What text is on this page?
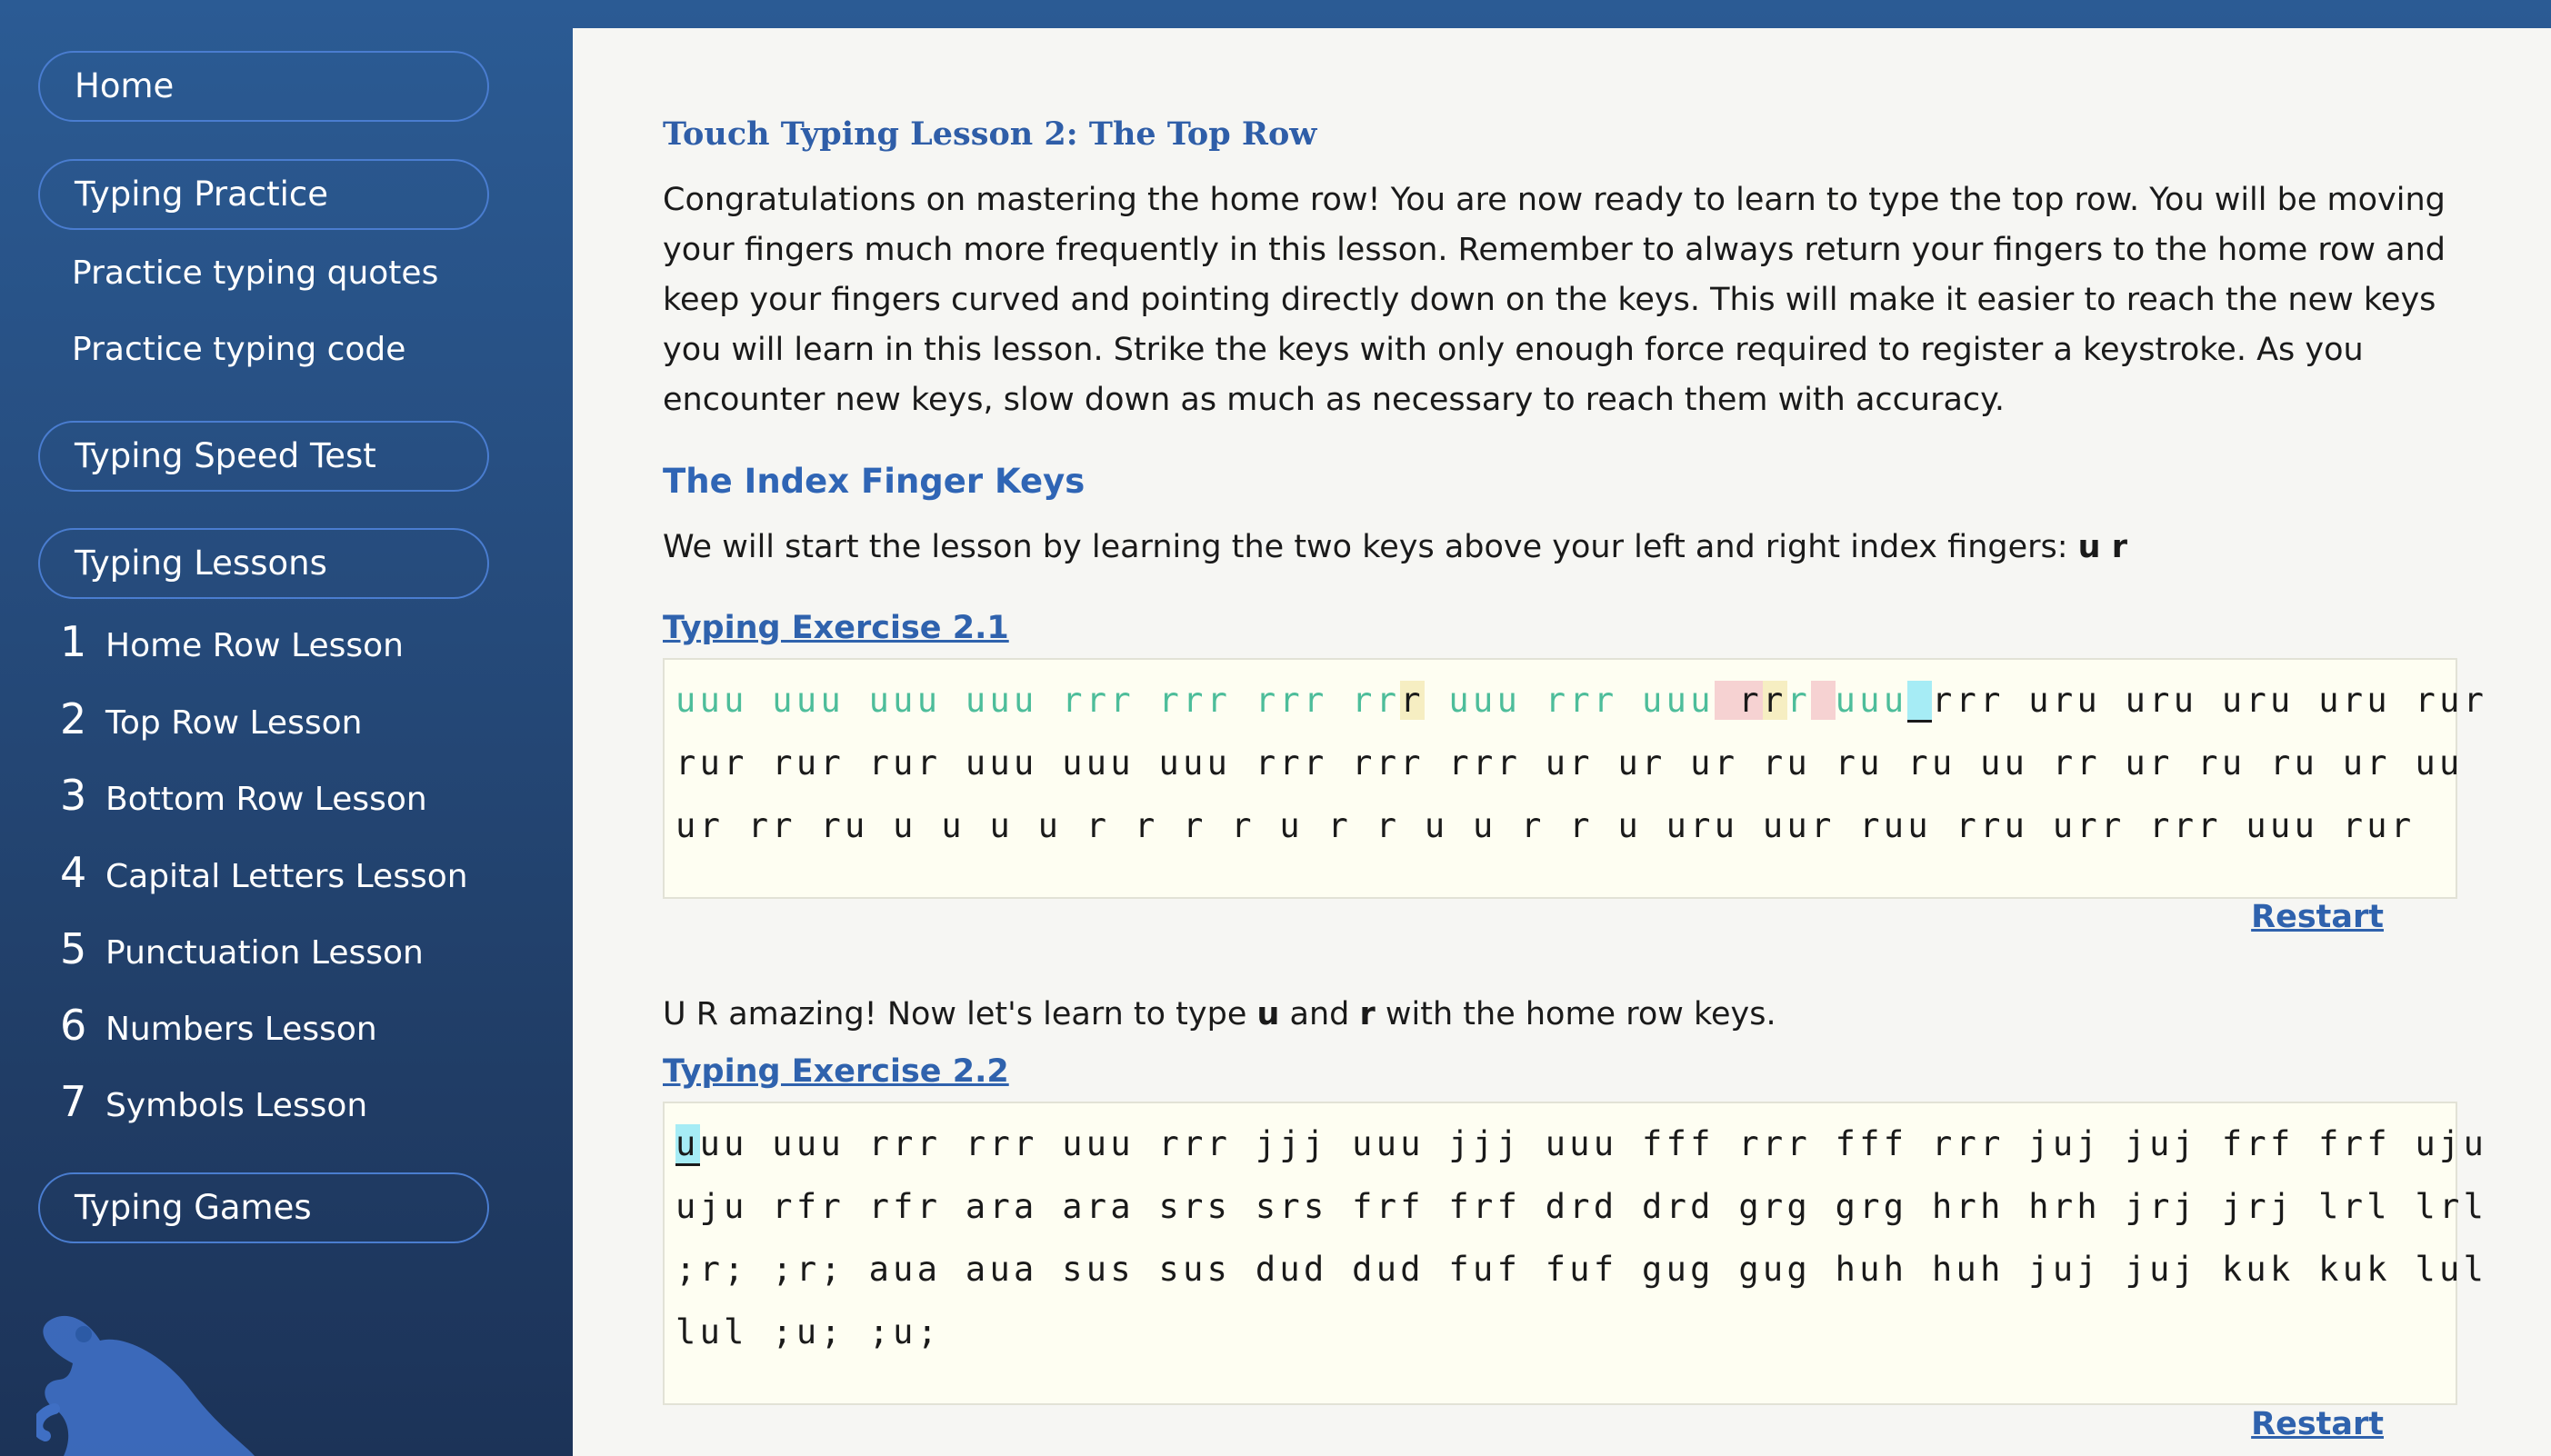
Home
Typing Practice
Practice typing quotes
Practice typing code
Typing Speed Test
Typing Lessons
1 Home Row Lesson
2 Top Row Lesson
3 Bottom Row Lesson
4 Capital Letters Lesson
5 Punctuation Lesson
6 Numbers Lesson
7 Symbols Lesson
Typing Games
Touch Typing Lesson 2: The Top Row

Congratulations on mastering the home row! You are now ready to learn to type the top row. You will be moving your fingers much more frequently in this lesson. Remember to always return your fingers to the home row and keep your fingers curved and pointing directly down on the keys. This will make it easier to reach the new keys you will learn in this lesson. Strike the keys with only enough force required to register a keystroke. As you encounter new keys, slow down as much as necessary to reach them with accuracy.

The Index Finger Keys

We will start the lesson by learning the two keys above your left and right index fingers: u r

Typing Exercise 2.1
uuu uuu uuu uuu rrr rrr rrr rrr uuu rrr uuu rrr uuu rrr uru uru uru uru rur
rur rur rur uuu uuu uuu rrr rrr rrr ur ur ur ru ru ru uu rr ur ru ru ur uu
ur rr ru u u u u r r r r u r r u u r r u uru uur ruu rru urr rrr uuu rur
Restart

U R amazing! Now let's learn to type u and r with the home row keys.

Typing Exercise 2.2
uuu uuu rrr rrr uuu rrr jjj uuu jjj uuu fff rrr fff rrr juj juj frf frf uju
uju rfr rfr ara ara srs srs frf frf drd drd grg grg hrh hrh jrj jrj lrl lrl
;r; ;r; aua aua sus sus dud dud fuf fuf gug gug huh huh juj juj kuk kuk lul
lul ;u; ;u;
Restart
